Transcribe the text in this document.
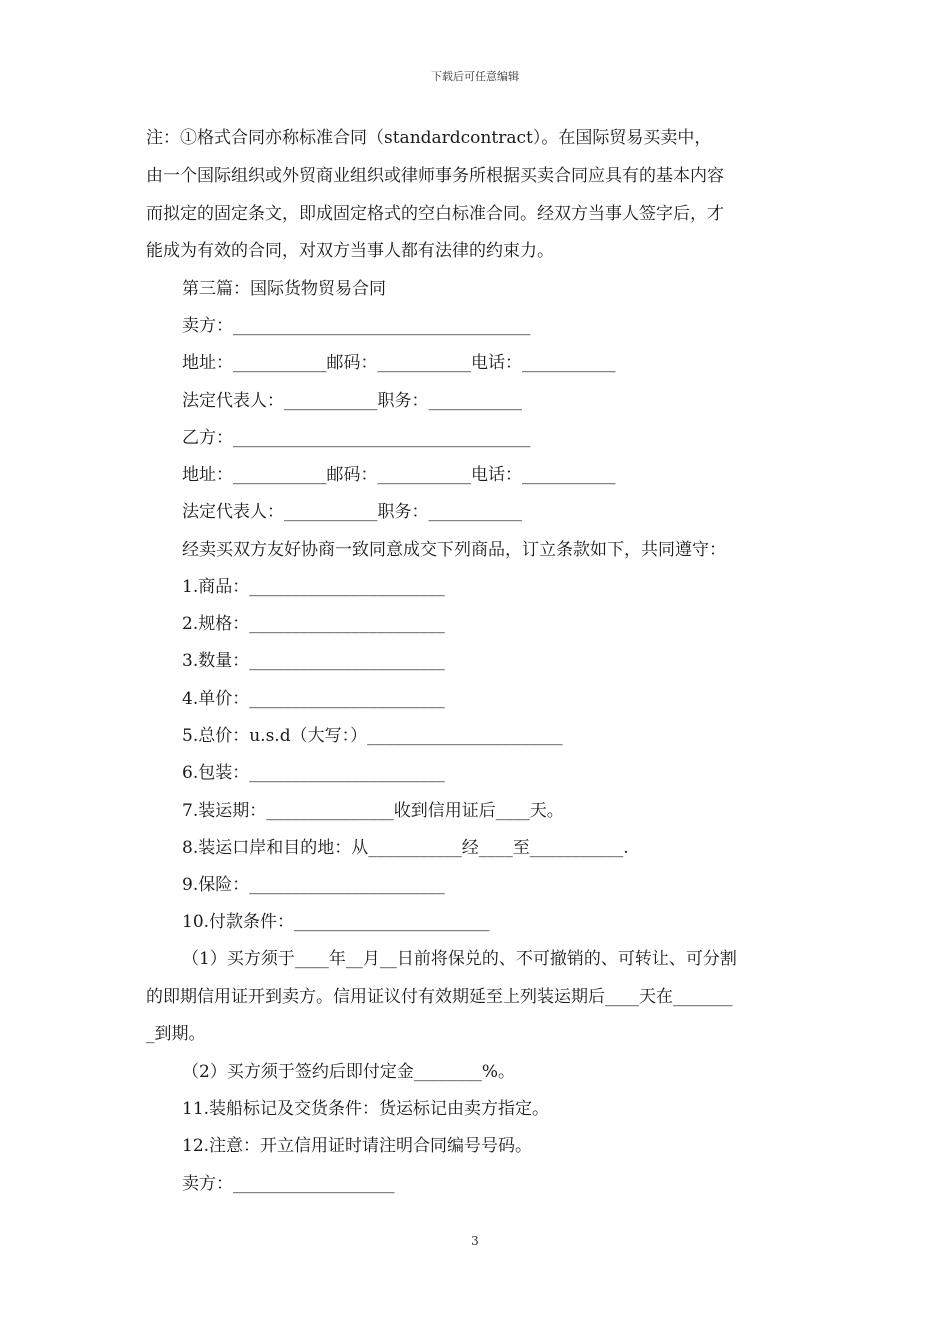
下载后可任意编辑
注：①格式合同亦称标准合同（standardcontract）。在国际贸易买卖中，
由一个国际组织或外贸商业组织或律师事务所根据买卖合同应具有的基本内容
而拟定的固定条文，即成固定格式的空白标准合同。经双方当事人签字后，才
能成为有效的合同，对双方当事人都有法律的约束力。
第三篇：国际货物贸易合同
卖方：___________________________________
地址：___________邮码：___________电话：___________
法定代表人：___________职务：___________
乙方：___________________________________
地址：___________邮码：___________电话：___________
法定代表人：___________职务：___________
经卖买双方友好协商一致同意成交下列商品，订立条款如下，共同遵守：
1.商品：_______________________
2.规格：_______________________
3.数量：_______________________
4.单价：_______________________
5.总价：u.s.d（大写：）_______________________
6.包装：_______________________
7.装运期：_______________收到信用证后____天。
8.装运口岸和目的地：从___________经____至___________.
9.保险：_______________________
10.付款条件：_______________________
（1）买方须于____年__月__日前将保兑的、不可撤销的、可转让、可分割
的即期信用证开到卖方。信用证议付有效期延至上列装运期后____天在_______
_到期。
（2）买方须于签约后即付定金________%。
11.装船标记及交货条件：货运标记由卖方指定。
12.注意：开立信用证时请注明合同编号号码。
卖方：___________________
3
